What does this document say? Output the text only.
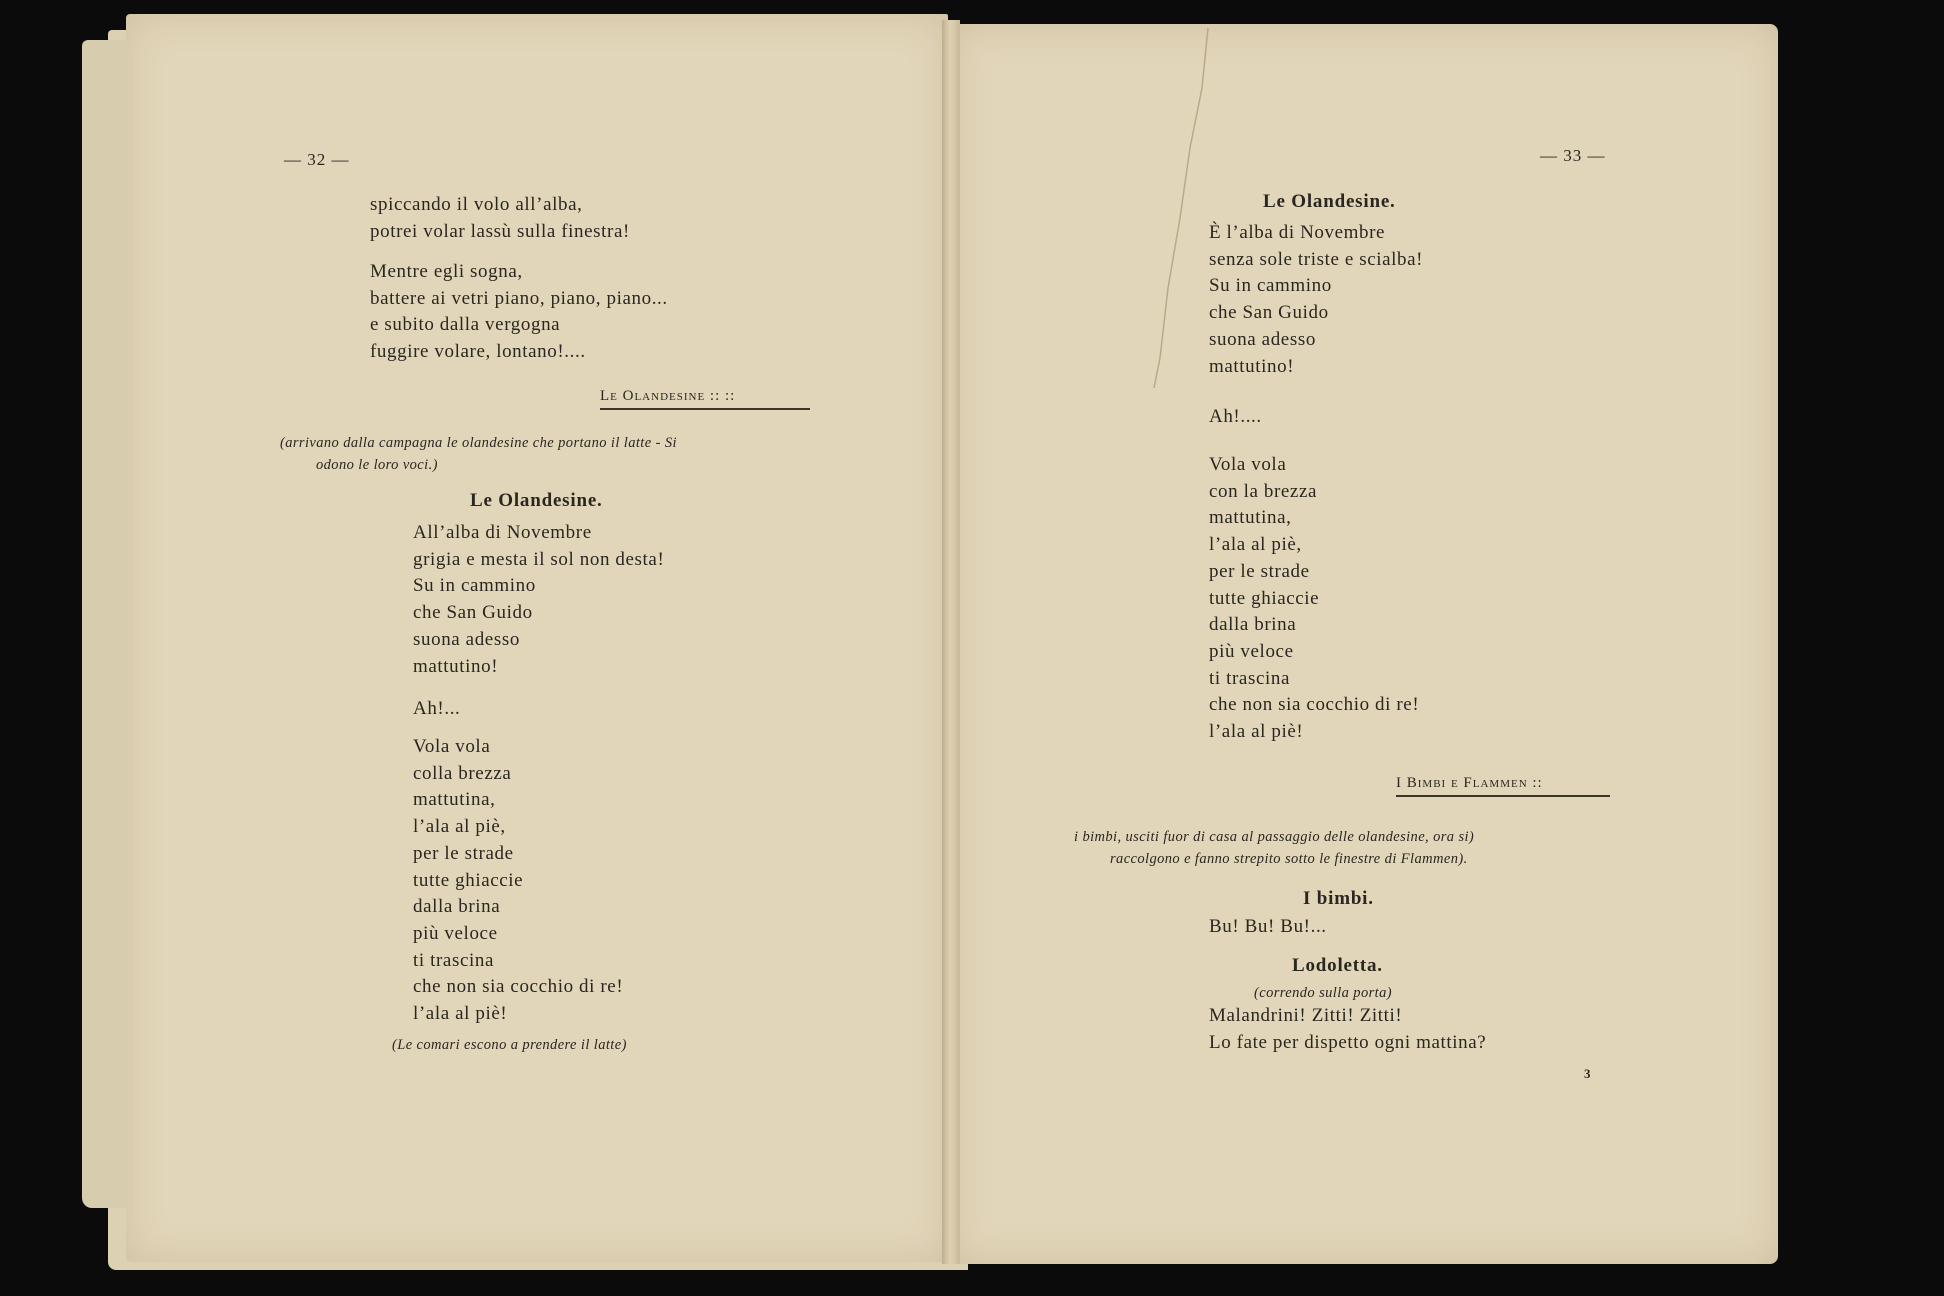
— 32 —
spiccando il volo all’alba,
potrei volar lassù sulla finestra!
Mentre egli sogna,
battere ai vetri piano, piano, piano...
e subito dalla vergogna
fuggire volare, lontano!....
Le Olandesine :: ::
(arrivano dalla campagna le olandesine che portano il latte - Si
odono le loro voci.)
Le Olandesine.
All’alba di Novembre
grigia e mesta il sol non desta!
Su in cammino
che San Guido
suona adesso
mattutino!
Ah!...
Vola vola
colla brezza
mattutina,
l’ala al piè,
per le strade
tutte ghiaccie
dalla brina
più veloce
ti trascina
che non sia cocchio di re!
l’ala al piè!
(Le comari escono a prendere il latte)
— 33 —
Le Olandesine.
È l’alba di Novembre
senza sole triste e scialba!
Su in cammino
che San Guido
suona adesso
mattutino!
Ah!....
Vola vola
con la brezza
mattutina,
l’ala al piè,
per le strade
tutte ghiaccie
dalla brina
più veloce
ti trascina
che non sia cocchio di re!
l’ala al piè!
I Bimbi e Flammen ::
i bimbi, usciti fuor di casa al passaggio delle olandesine, ora si)
raccolgono e fanno strepito sotto le finestre di Flammen).
I bimbi.
Bu! Bu! Bu!...
Lodoletta.
(correndo sulla porta)
Malandrini! Zitti! Zitti!
Lo fate per dispetto ogni mattina?
3
